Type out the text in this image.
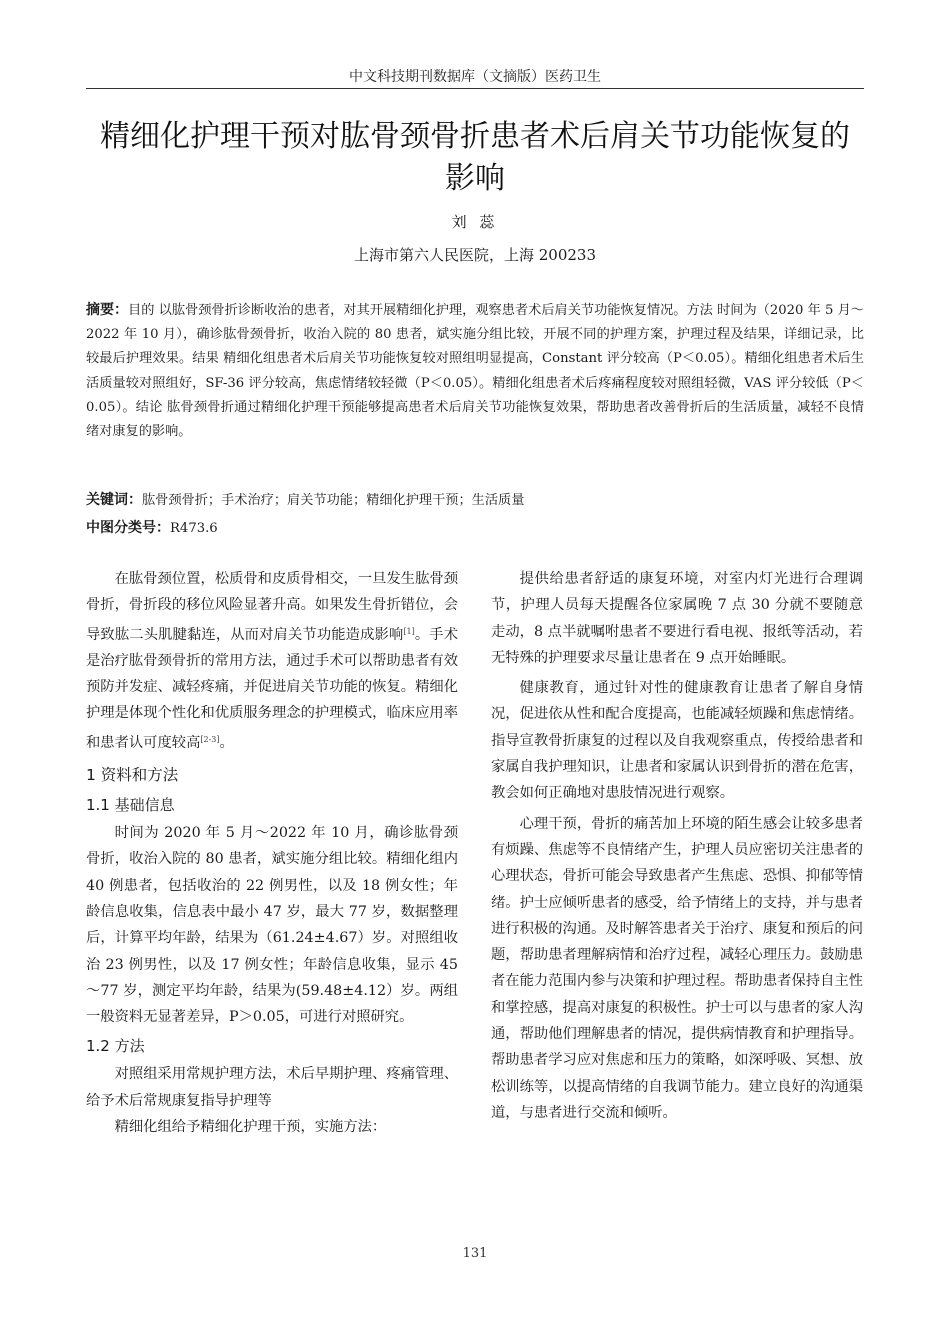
中文科技期刊数据库（文摘版）医药卫生
精细化护理干预对肱骨颈骨折患者术后肩关节功能恢复的影响
刘 蕊
上海市第六人民医院，上海 200233

摘要：目的 以肱骨颈骨折诊断收治的患者，对其开展精细化护理，观察患者术后肩关节功能恢复情况。方法 时间为（2020 年 5 月～2022 年 10 月），确诊肱骨颈骨折，收治入院的 80 患者，斌实施分组比较，开展不同的护理方案，护理过程及结果，详细记录，比较最后护理效果。结果 精细化组患者术后肩关节功能恢复较对照组明显提高，Constant 评分较高（P＜0.05）。精细化组患者术后生活质量较对照组好，SF-36 评分较高，焦虑情绪较轻微（P＜0.05）。精细化组患者术后疼痛程度较对照组轻微，VAS 评分较低（P＜0.05）。结论 肱骨颈骨折通过精细化护理干预能够提高患者术后肩关节功能恢复效果，帮助患者改善骨折后的生活质量，减轻不良情绪对康复的影响。

关键词：肱骨颈骨折；手术治疗；肩关节功能；精细化护理干预；生活质量

中图分类号：R473.6

在肱骨颈位置，松质骨和皮质骨相交，一旦发生肱骨颈骨折，骨折段的移位风险显著升高。如果发生骨折错位，会导致肱二头肌腱黏连，从而对肩关节功能造成影响[1]。手术是治疗肱骨颈骨折的常用方法，通过手术可以帮助患者有效预防并发症、减轻疼痛，并促进肩关节功能的恢复。精细化护理是体现个性化和优质服务理念的护理模式，临床应用率和患者认可度较高[2-3]。

1 资料和方法
1.1 基础信息

时间为 2020 年 5 月～2022 年 10 月，确诊肱骨颈骨折，收治入院的 80 患者，斌实施分组比较。精细化组内 40 例患者，包括收治的 22 例男性，以及 18 例女性；年龄信息收集，信息表中最小 47 岁，最大 77 岁，数据整理后，计算平均年龄，结果为（61.24±4.67）岁。对照组收治 23 例男性，以及 17 例女性；年龄信息收集，显示 45～77 岁，测定平均年龄，结果为(59.48±4.12）岁。两组一般资料无显著差异，P＞0.05，可进行对照研究。

1.2 方法

对照组采用常规护理方法，术后早期护理、疼痛管理、给予术后常规康复指导护理等

精细化组给予精细化护理干预，实施方法：

提供给患者舒适的康复环境，对室内灯光进行合理调节，护理人员每天提醒各位家属晚 7 点 30 分就不要随意走动，8 点半就嘱咐患者不要进行看电视、报纸等活动，若无特殊的护理要求尽量让患者在 9 点开始睡眠。

健康教育，通过针对性的健康教育让患者了解自身情况，促进依从性和配合度提高，也能减轻烦躁和焦虑情绪。指导宣教骨折康复的过程以及自我观察重点，传授给患者和家属自我护理知识，让患者和家属认识到骨折的潜在危害，教会如何正确地对患肢情况进行观察。

心理干预，骨折的痛苦加上环境的陌生感会让较多患者有烦躁、焦虑等不良情绪产生，护理人员应密切关注患者的心理状态，骨折可能会导致患者产生焦虑、恐惧、抑郁等情绪。护士应倾听患者的感受，给予情绪上的支持，并与患者进行积极的沟通。及时解答患者关于治疗、康复和预后的问题，帮助患者理解病情和治疗过程，减轻心理压力。鼓励患者在能力范围内参与决策和护理过程。帮助患者保持自主性和掌控感，提高对康复的积极性。护士可以与患者的家人沟通，帮助他们理解患者的情况，提供病情教育和护理指导。帮助患者学习应对焦虑和压力的策略，如深呼吸、冥想、放松训练等，以提高情绪的自我调节能力。建立良好的沟通渠道，与患者进行交流和倾听。

131
